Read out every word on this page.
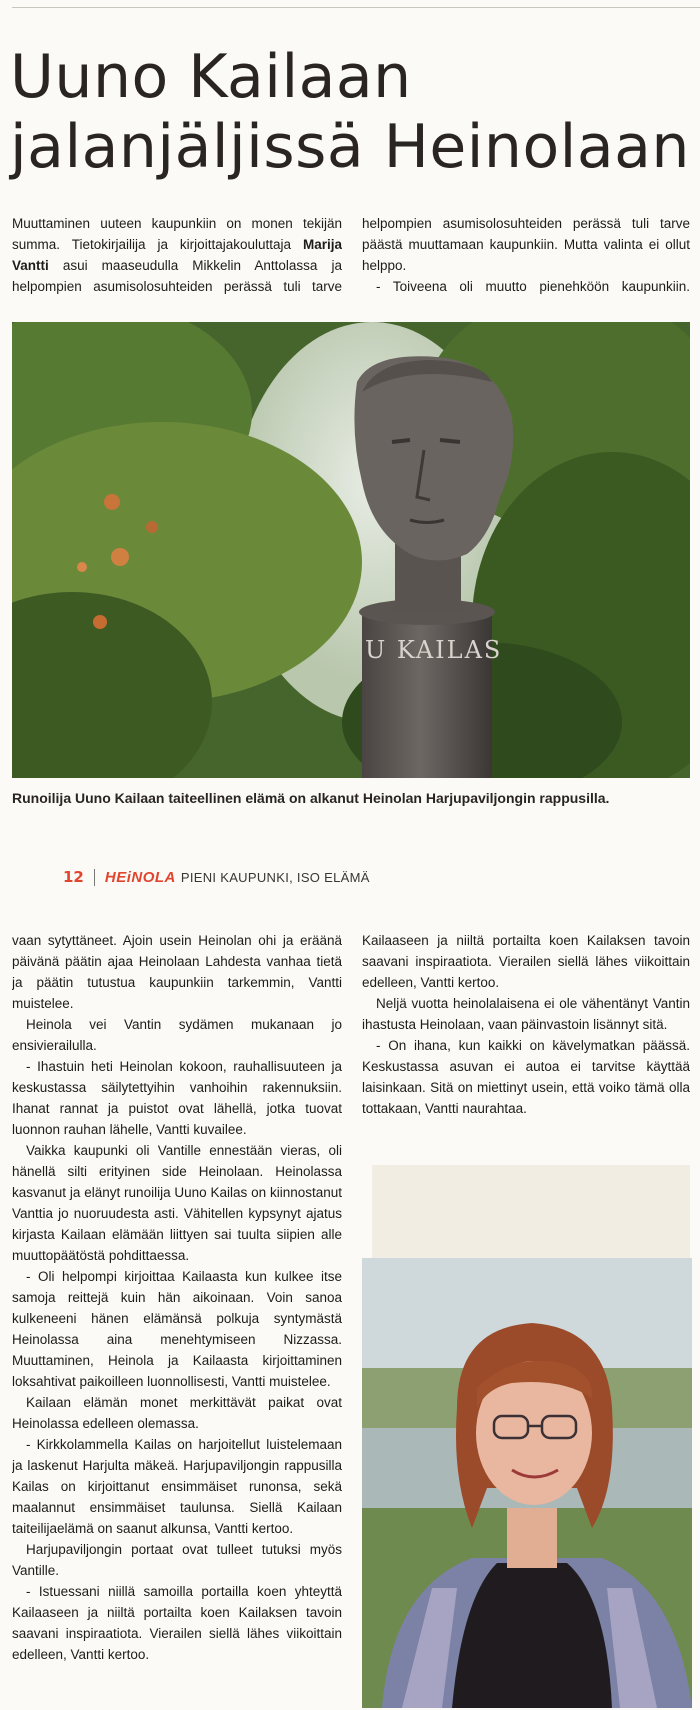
Uuno Kailaan
jalanjäljissä Heinolaan

Muuttaminen uuteen kaupunkiin on monen tekijän summa. Tietokirjailija ja kirjoittajakouluttaja Marija Vantti asui maaseudulla Mikkelin Anttolassa ja helpompien asumisolosuhteiden perässä tuli tarve

helpompien asumisolosuhteiden perässä tuli tarve päästä muuttamaan kaupunkiin. Mutta valinta ei ollut helppo.

- Toiveena oli muutto pienehköön kaupunkiin.

U KAILAS

Runoilija Uuno Kailaan taiteellinen elämä on alkanut Heinolan Harjupaviljongin rappusilla.

12 HEiNOLA PIENI KAUPUNKI, ISO ELÄMÄ

vaan sytyttäneet. Ajoin usein Heinolan ohi ja eräänä päivänä päätin ajaa Heinolaan Lahdesta vanhaa tietä ja päätin tutustua kaupunkiin tarkemmin, Vantti muistelee.

Heinola vei Vantin sydämen mukanaan jo ensivierailulla.

- Ihastuin heti Heinolan kokoon, rauhallisuuteen ja keskustassa säilytettyihin vanhoihin rakennuksiin. Ihanat rannat ja puistot ovat lähellä, jotka tuovat luonnon rauhan lähelle, Vantti kuvailee.

Vaikka kaupunki oli Vantille ennestään vieras, oli hänellä silti erityinen side Heinolaan. Heinolassa kasvanut ja elänyt runoilija Uuno Kailas on kiinnostanut Vanttia jo nuoruudesta asti. Vähitellen kypsynyt ajatus kirjasta Kailaan elämään liittyen sai tuulta siipien alle muuttopäätöstä pohdittaessa.

- Oli helpompi kirjoittaa Kailaasta kun kulkee itse samoja reittejä kuin hän aikoinaan. Voin sanoa kulkeneeni hänen elämänsä polkuja syntymästä Heinolassa aina menehtymiseen Nizzassa. Muuttaminen, Heinola ja Kailaasta kirjoittaminen loksahtivat paikoilleen luonnollisesti, Vantti muistelee.

Kailaan elämän monet merkittävät paikat ovat Heinolassa edelleen olemassa.

- Kirkkolammella Kailas on harjoitellut luistelemaan ja laskenut Harjulta mäkeä. Harjupaviljongin rappusilla Kailas on kirjoittanut ensimmäiset runonsa, sekä maalannut ensimmäiset taulunsa. Siellä Kailaan taiteilijaelämä on saanut alkunsa, Vantti kertoo.

Harjupaviljongin portaat ovat tulleet tutuksi myös Vantille.

- Istuessani niillä samoilla portailla koen yhteyttä Kailaaseen ja niiltä portailta koen Kailaksen tavoin saavani inspiraatiota. Vierailen siellä lähes viikoittain edelleen, Vantti kertoo.

Kailaaseen ja niiltä portailta koen Kailaksen tavoin saavani inspiraatiota. Vierailen siellä lähes viikoittain edelleen, Vantti kertoo.

Neljä vuotta heinolalaisena ei ole vähentänyt Vantin ihastusta Heinolaan, vaan päinvastoin lisännyt sitä.

- On ihana, kun kaikki on kävelymatkan päässä. Keskustassa asuvan ei autoa ei tarvitse käyttää laisinkaan. Sitä on miettinyt usein, että voiko tämä olla tottakaan, Vantti naurahtaa.
